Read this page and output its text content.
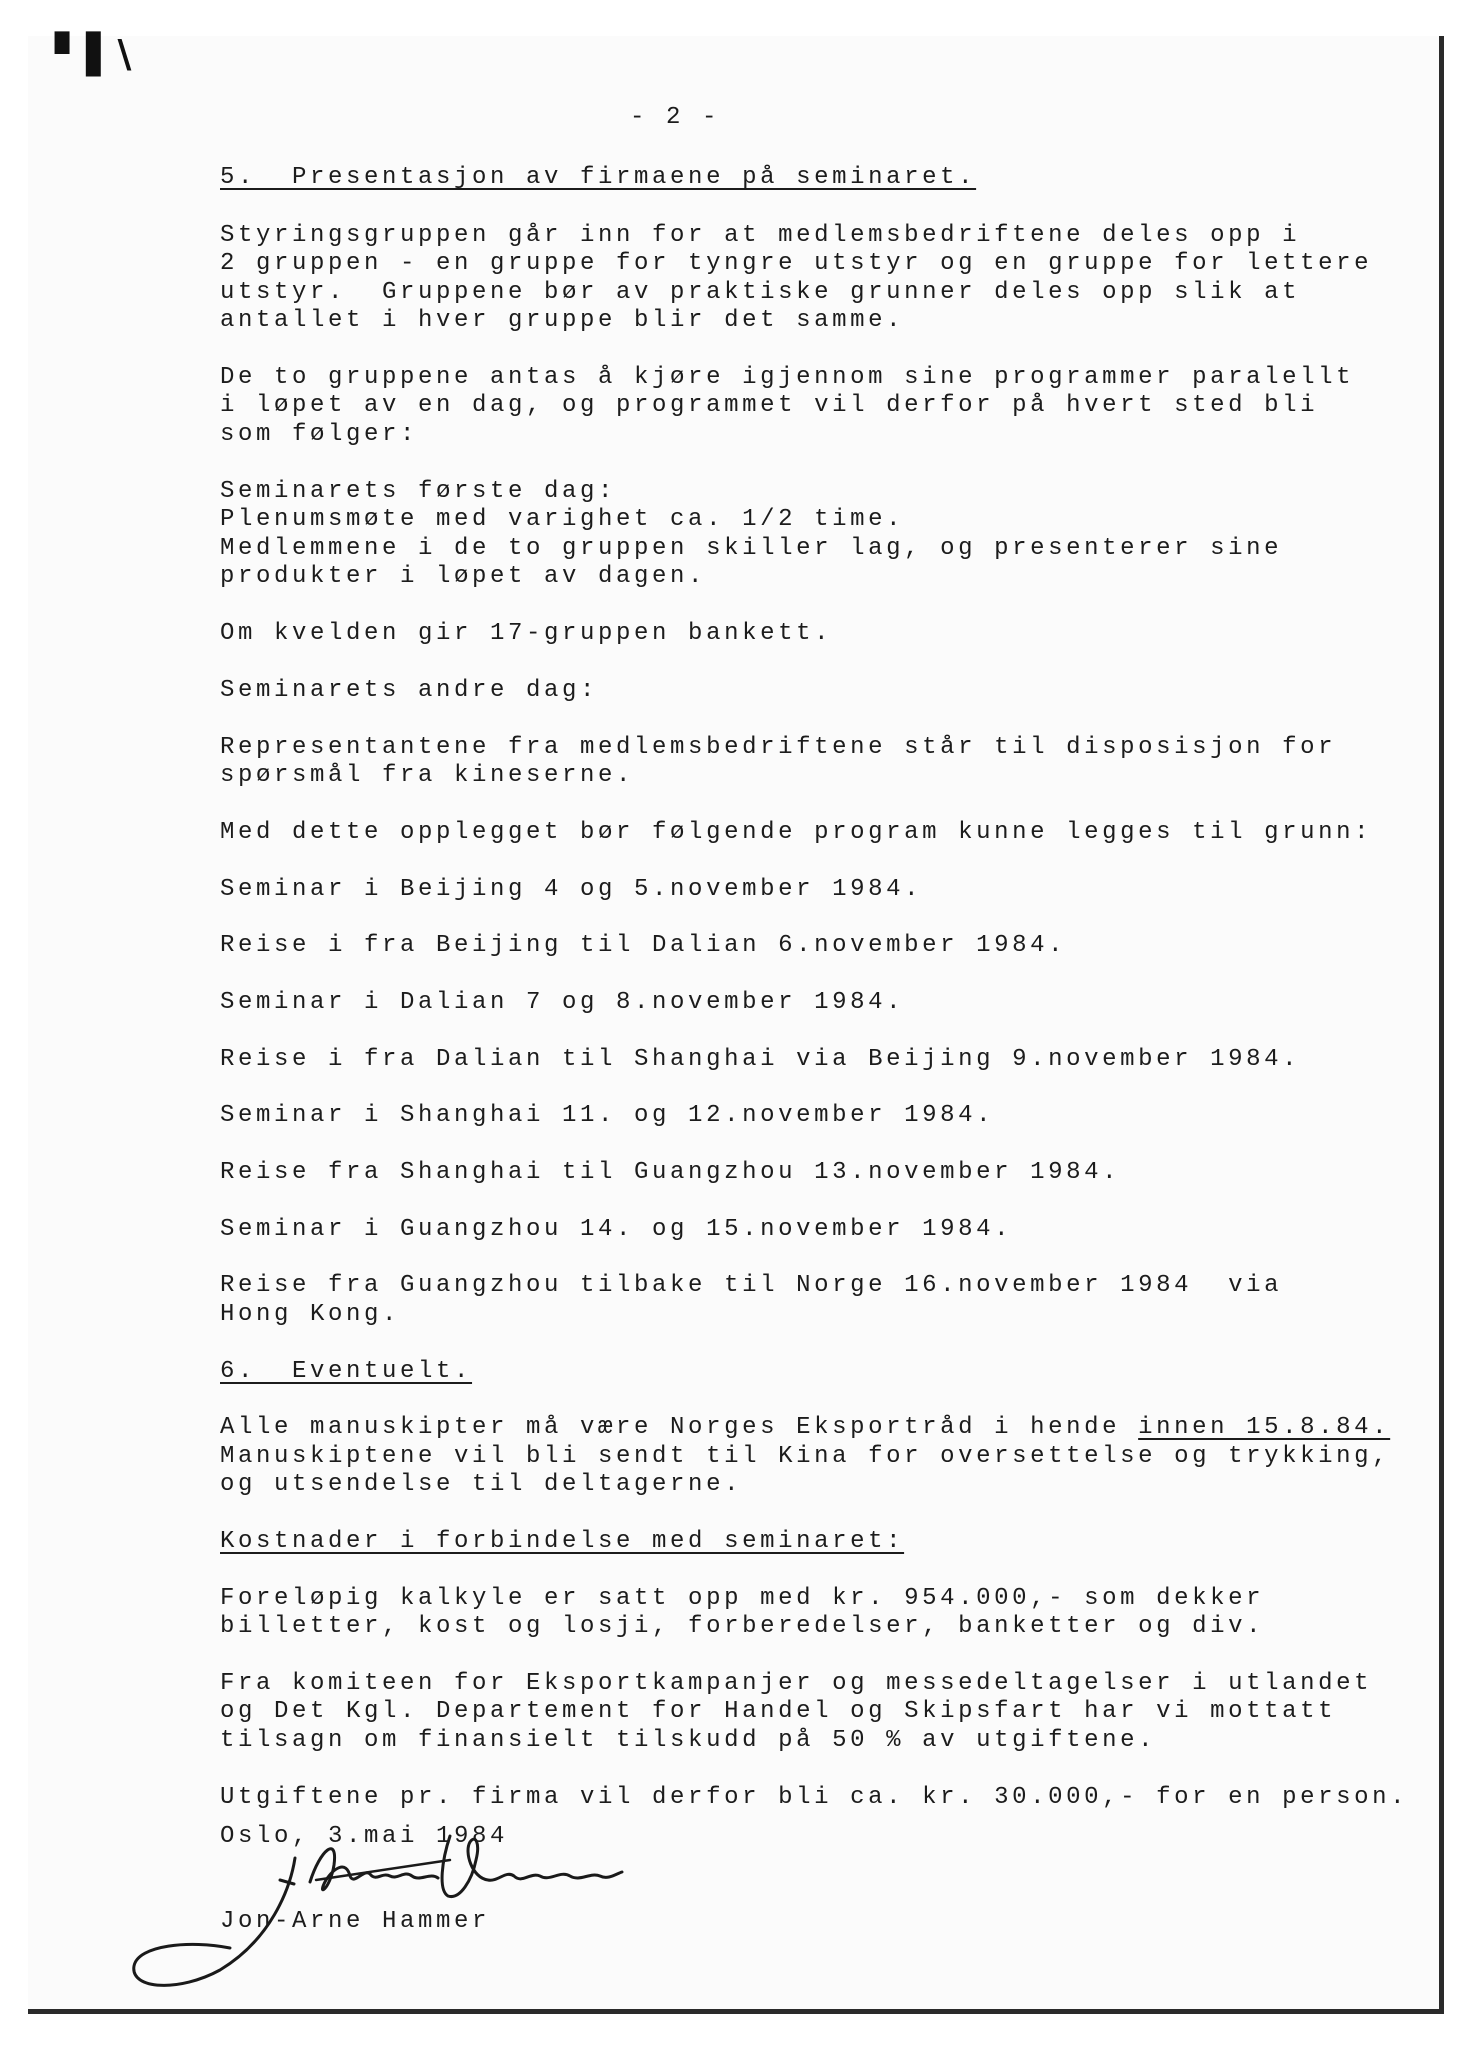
▘▌\

- 2 -

5.  Presentasjon av firmaene på seminaret.

Styringsgruppen går inn for at medlemsbedriftene deles opp i

2 gruppen - en gruppe for tyngre utstyr og en gruppe for lettere

utstyr.  Gruppene bør av praktiske grunner deles opp slik at

antallet i hver gruppe blir det samme.

De to gruppene antas å kjøre igjennom sine programmer paralellt

i løpet av en dag, og programmet vil derfor på hvert sted bli

som følger:

Seminarets første dag:

Plenumsmøte med varighet ca. 1/2 time.

Medlemmene i de to gruppen skiller lag, og presenterer sine

produkter i løpet av dagen.

Om kvelden gir 17-gruppen bankett.

Seminarets andre dag:

Representantene fra medlemsbedriftene står til disposisjon for

spørsmål fra kineserne.

Med dette opplegget bør følgende program kunne legges til grunn:

Seminar i Beijing 4 og 5.november 1984.

Reise i fra Beijing til Dalian 6.november 1984.

Seminar i Dalian 7 og 8.november 1984.

Reise i fra Dalian til Shanghai via Beijing 9.november 1984.

Seminar i Shanghai 11. og 12.november 1984.

Reise fra Shanghai til Guangzhou 13.november 1984.

Seminar i Guangzhou 14. og 15.november 1984.

Reise fra Guangzhou tilbake til Norge 16.november 1984  via

Hong Kong.

6.  Eventuelt.

Alle manuskipter må være Norges Eksportråd i hende innen 15.8.84.

Manuskiptene vil bli sendt til Kina for oversettelse og trykking,

og utsendelse til deltagerne.

Kostnader i forbindelse med seminaret:

Foreløpig kalkyle er satt opp med kr. 954.000,- som dekker

billetter, kost og losji, forberedelser, banketter og div.

Fra komiteen for Eksportkampanjer og messedeltagelser i utlandet

og Det Kgl. Departement for Handel og Skipsfart har vi mottatt

tilsagn om finansielt tilskudd på 50 % av utgiftene.

Utgiftene pr. firma vil derfor bli ca. kr. 30.000,- for en person.

Oslo, 3.mai 1984

Jon-Arne Hammer
